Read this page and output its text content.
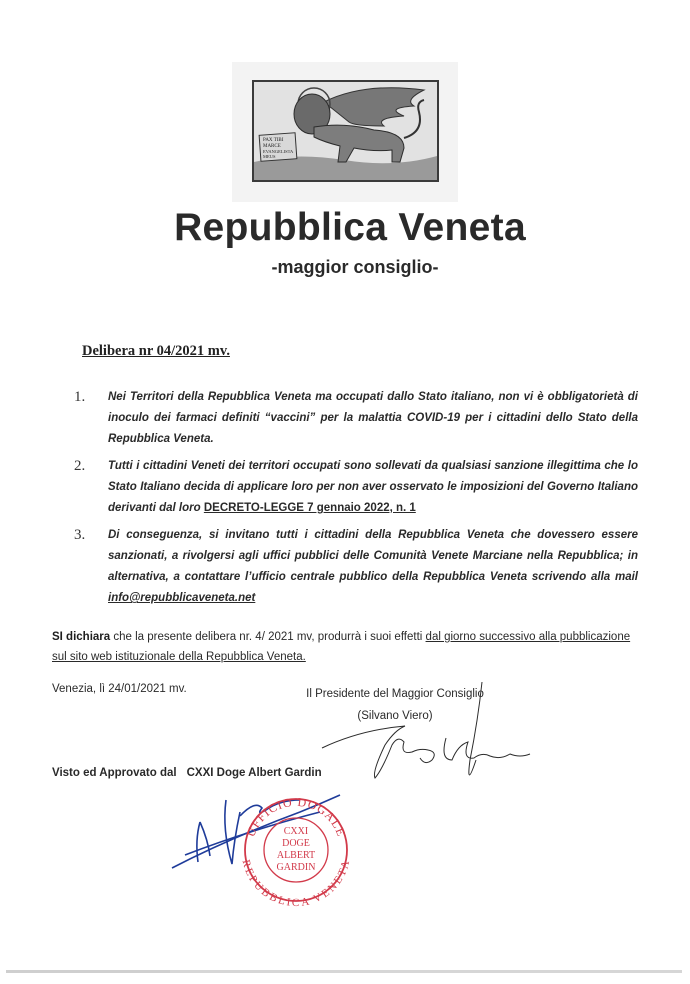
PAX TIBI
MARCE
EVANGELISTA
MEUS
Repubblica Veneta
-maggior consiglio-
Delibera nr 04/2021 mv.
1.	Nei Territori della Repubblica Veneta ma occupati dallo Stato italiano, non vi è obbligatorietà di inoculo dei farmaci definiti “vaccini” per la malattia COVID-19 per i cittadini dello Stato della Repubblica Veneta.
2.	Tutti i cittadini Veneti dei territori occupati sono sollevati da qualsiasi sanzione illegittima che lo Stato Italiano decida di applicare loro per non aver osservato le imposizioni del Governo Italiano derivanti dal loro DECRETO-LEGGE 7 gennaio 2022, n. 1
3.	Di conseguenza, si invitano tutti i cittadini della Repubblica Veneta che dovessero essere sanzionati, a rivolgersi agli uffici pubblici delle Comunità Venete Marciane nella Repubblica; in alternativa, a contattare l’ufficio centrale pubblico della Repubblica Veneta scrivendo alla mail info@repubblicaveneta.net
SI dichiara che la presente delibera nr. 4/ 2021 mv, produrrà i suoi effetti dal giorno successivo alla pubblicazione sul sito web istituzionale della Repubblica Veneta.
Venezia, lì 24/01/2021 mv.	Il Presidente del Maggior Consiglio
(Silvano Viero)
Visto ed Approvato dal CXXI Doge Albert Gardin
UFFICIO DOGALE
REPUBBLICA VENETA
CXXI
DOGE
ALBERT
GARDIN
